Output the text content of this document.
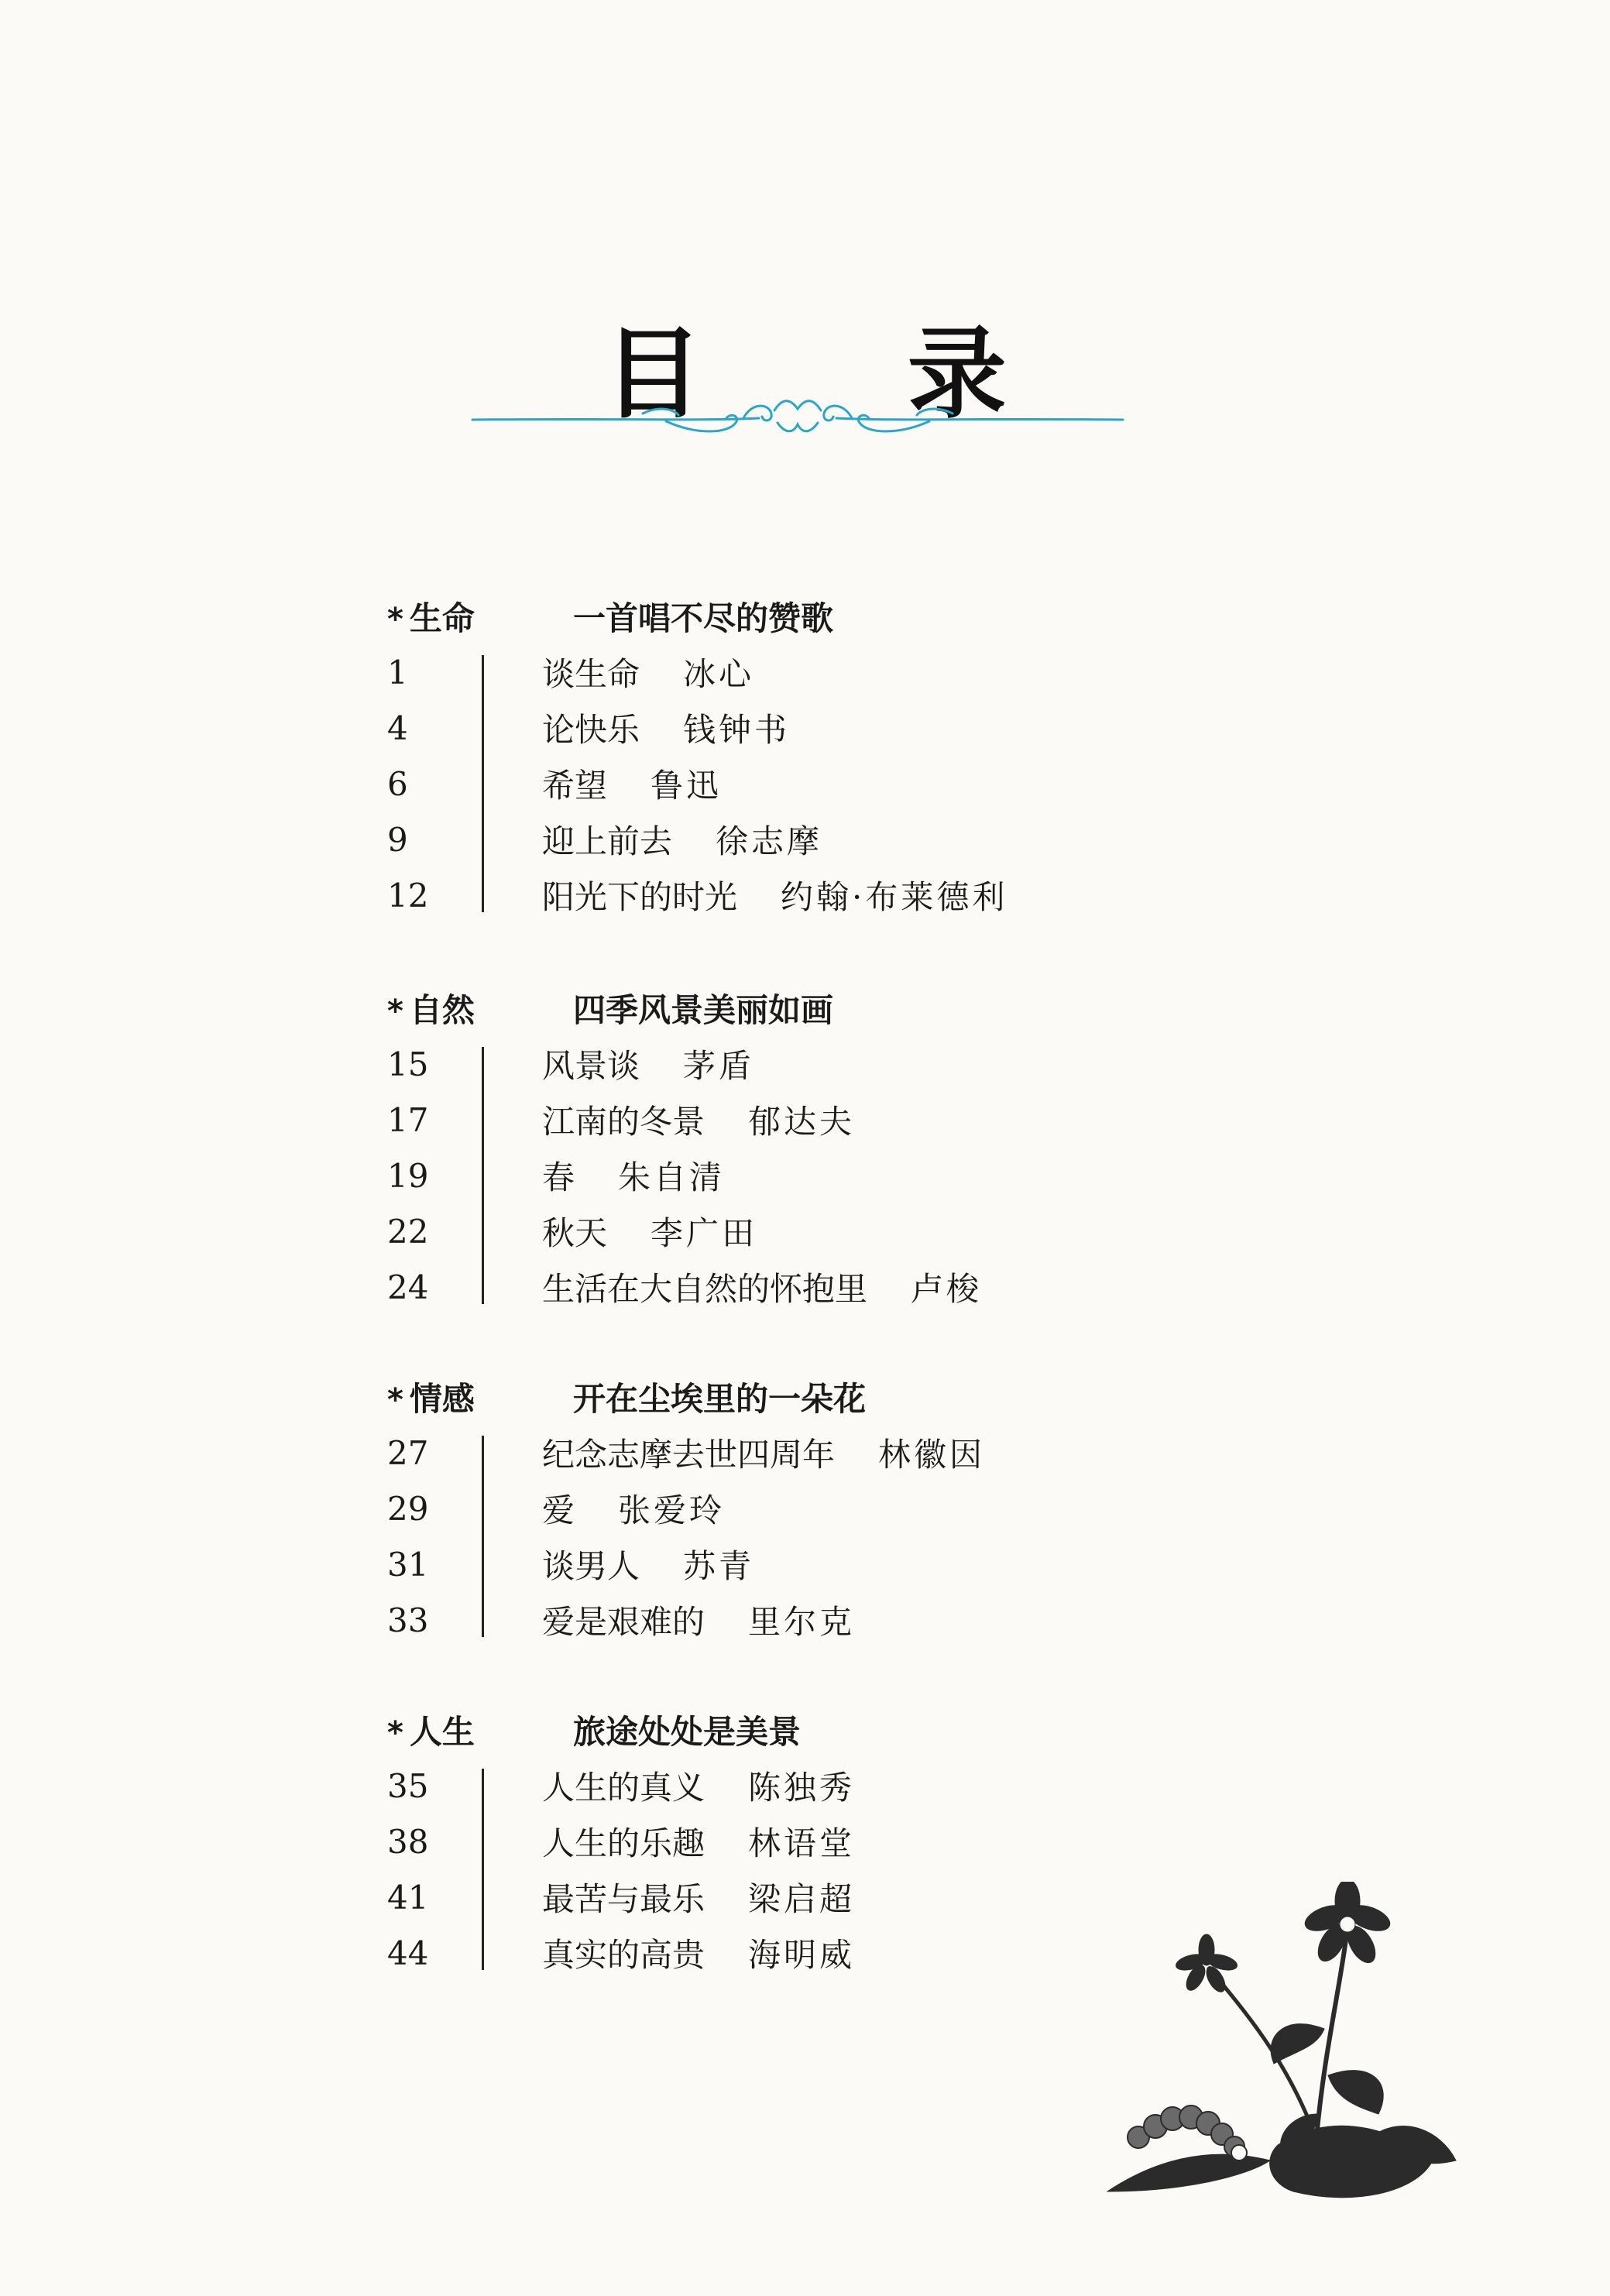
目 录
* 生命	一首唱不尽的赞歌
1	谈生命 冰心
4	论快乐 钱钟书
6	希望 鲁迅
9	迎上前去 徐志摩
12	阳光下的时光 约翰·布莱德利
* 自然	四季风景美丽如画
15	风景谈 茅盾
17	江南的冬景 郁达夫
19	春 朱自清
22	秋天 李广田
24	生活在大自然的怀抱里 卢梭
* 情感	开在尘埃里的一朵花
27	纪念志摩去世四周年 林徽因
29	爱 张爱玲
31	谈男人 苏青
33	爱是艰难的 里尔克
* 人生	旅途处处是美景
35	人生的真义 陈独秀
38	人生的乐趣 林语堂
41	最苦与最乐 梁启超
44	真实的高贵 海明威
